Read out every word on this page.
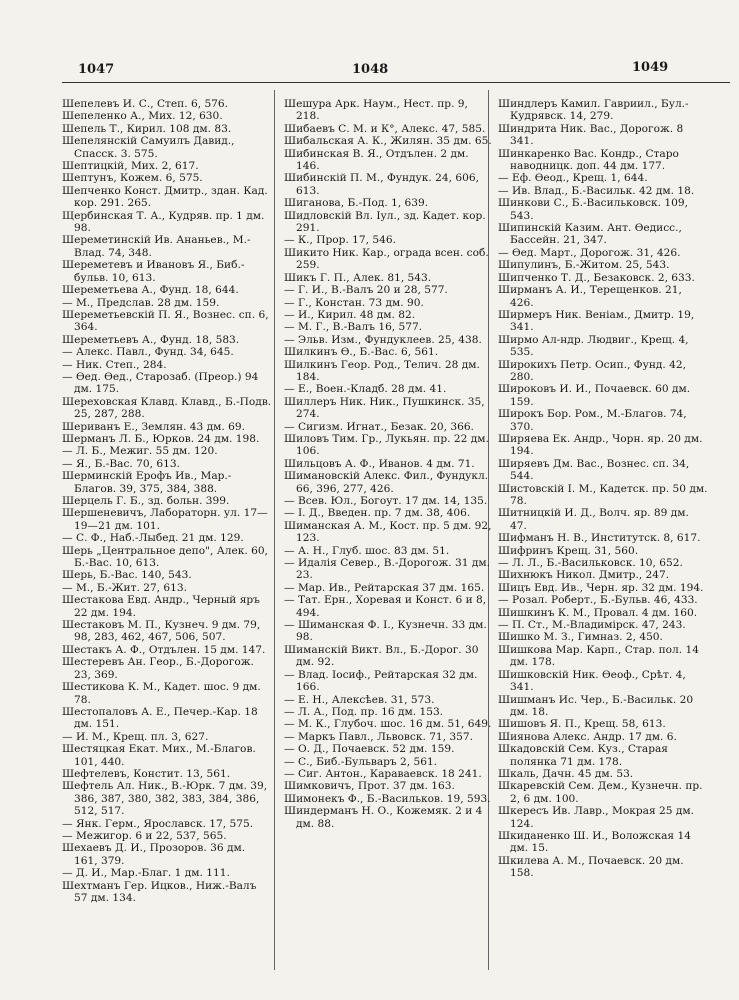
1047	1048	1049
Шепелевъ И. С., Степ. 6, 576.
Шепеленко А., Мих. 12, 630.
Шепель Т., Кирил. 108 дм. 83.
Шепелянскій Самуилъ Давид., Спасск. 3. 575.
Шептицкій, Мих. 2, 617.
Шептунъ, Кожем. 6, 575.
Шепченко Конст. Дмитр., здан. Кад. кор. 291. 265.
Щербинская Т. А., Кудряв. пр. 1 дм. 98.
Шереметинскій Ив. Ананьев., М.-Влад. 74, 348.
Шереметевъ и Ивановъ Я., Биб.-бульв. 10, 613.
Шереметьева А., Фунд. 18, 644.
— М., Предслав. 28 дм. 159.
Шереметьевскій П. Я., Вознес. сп. 6, 364.
Шереметьевъ А., Фунд. 18, 583.
— Алекс. Павл., Фунд. 34, 645.
— Ник. Степ., 284.
— Ѳед. Ѳед., Старозаб. (Преор.) 94 дм. 175.
Шереховская Клавд. Клавд., Б.-Подв. 25, 287, 288.
Шериванъ Е., Землян. 43 дм. 69.
Шерманъ Л. Б., Юрков. 24 дм. 198.
— Л. Б., Межиг. 55 дм. 120.
— Я., Б.-Вас. 70, 613.
Шерминскій Ерофъ Ив., Мар.-Благов. 39, 375, 384, 388.
Шерцель Г. Б., зд. больн. 399.
Шершеневичъ, Лабораторн. ул. 17—19—21 дм. 101.
— С. Ф., Наб.-Лыбед. 21 дм. 129.
Шерь „Центральное депо", Алек. 60, Б.-Вас. 10, 613.
Шерь, Б.-Вас. 140, 543.
— М., Б.-Жит. 27, 613.
Шестакова Евд. Андр., Черный яръ 22 дм. 194.
Шестаковъ М. П., Кузнеч. 9 дм. 79, 98, 283, 462, 467, 506, 507.
Шестакъ А. Ф., Отдълен. 15 дм. 147.
Шестеревъ Ан. Геор., Б.-Дорогож. 23, 369.
Шестикова К. М., Кадет. шос. 9 дм. 78.
Шестопаловъ А. Е., Печер.-Кар. 18 дм. 151.
— И. М., Крещ. пл. 3, 627.
Шестяцкая Екат. Мих., М.-Благов. 101, 440.
Шефтелевъ, Констит. 13, 561.
Шефтель Ал. Ник., В.-Юрк. 7 дм. 39, 386, 387, 380, 382, 383, 384, 386, 512, 517.
— Янк. Герм., Ярославск. 17, 575.
— Межигор. 6 и 22, 537, 565.
Шехаевъ Д. И., Прозоров. 36 дм. 161, 379.
— Д. И., Мар.-Благ. 1 дм. 111.
Шехтманъ Гер. Ицков., Ниж.-Валъ 57 дм. 134.
Шешура Арк. Наум., Нест. пр. 9, 218.
Шибаевъ С. М. и К°, Алекс. 47, 585.
Шибальская А. К., Жилян. 35 дм. 65.
Шибинская В. Я., Отдълен. 2 дм. 146.
Шибинскій П. М., Фундук. 24, 606, 613.
Шиганова, Б.-Под. 1, 639.
Шидловскій Вл. Iул., зд. Кадет. кор. 291.
— К., Прор. 17, 546.
Шикито Ник. Кар., ограда всен. соб. 259.
Шикъ Г. П., Алек. 81, 543.
— Г. И., В.-Валъ 20 и 28, 577.
— Г., Констан. 73 дм. 90.
— И., Кирил. 48 дм. 82.
— М. Г., В.-Валъ 16, 577.
— Эльв. Изм., Фундуклеев. 25, 438.
Шилкинъ Ѳ., Б.-Вас. 6, 561.
Шилкинъ Геор. Род., Телич. 28 дм. 184.
— Е., Воен.-Кладб. 28 дм. 41.
Шиллеръ Ник. Ник., Пушкинск. 35, 274.
— Сигизм. Игнат., Безак. 20, 366.
Шиловъ Тим. Гр., Лукьян. пр. 22 дм. 106.
Шильцовъ А. Ф., Иванов. 4 дм. 71.
Шимановскій Алекс. Фил., Фундукл. 66, 396, 277, 426.
— Всев. Юл., Богоут. 17 дм. 14, 135.
— I. Д., Введен. пр. 7 дм. 38, 406.
Шиманская А. М., Кост. пр. 5 дм. 92, 123.
— А. Н., Глуб. шос. 83 дм. 51.
— Идалія Север., В.-Дорогож. 31 дм. 23.
— Мар. Ив., Рейтарская 37 дм. 165.
— Тат. Ерн., Хоревая и Конст. 6 и 8, 494.
— Шиманская Ф. I., Кузнечн. 33 дм. 98.
Шиманскій Викт. Вл., Б.-Дорог. 30 дм. 92.
— Влад. Iосиф., Рейтарская 32 дм. 166.
— Е. Н., Алексѣев. 31, 573.
— Л. А., Под. пр. 16 дм. 153.
— М. К., Глубоч. шос. 16 дм. 51, 649.
— Маркъ Павл., Львовск. 71, 357.
— О. Д., Почаевск. 52 дм. 159.
— С., Биб.-Бульваръ 2, 561.
— Сиг. Антон., Караваевск. 18 241.
Шимковичъ, Прот. 37 дм. 163.
Шимонекъ Ф., Б.-Васильков. 19, 593.
Шиндерманъ Н. О., Кожемяк. 2 и 4 дм. 88.
Шиндлеръ Камил. Гавриил., Бул.-Кудрявск. 14, 279.
Шиндрита Ник. Вас., Дорогож. 8 341.
Шинкаренко Вас. Кондр., Старо наводницк. доп. 44 дм. 177.
— Еф. Ѳеод., Крещ. 1, 644.
— Ив. Влад., Б.-Васильк. 42 дм. 18.
Шинкови С., Б.-Васильковск. 109, 543.
Шипинскій Казим. Ант. Ѳедисс., Бассейн. 21, 347.
— Ѳед. Март., Дорогож. 31, 426.
Шипулинъ, Б.-Житом. 25, 543.
Шипченко Т. Д., Безаковск. 2, 633.
Ширманъ А. И., Терещенков. 21, 426.
Ширмеръ Ник. Веніам., Дмитр. 19, 341.
Ширмо Ал-ндр. Людвиг., Крещ. 4, 535.
Широкихъ Петр. Осип., Фунд. 42, 280.
Широковъ И. И., Почаевск. 60 дм. 159.
Широкъ Бор. Ром., М.-Благов. 74, 370.
Ширяева Ек. Андр., Чорн. яр. 20 дм. 194.
Ширяевъ Дм. Вас., Вознес. сп. 34, 544.
Шистовскій I. М., Кадетск. пр. 50 дм. 78.
Шитницкій И. Д., Волч. яр. 89 дм. 47.
Шифманъ Н. В., Институтск. 8, 617.
Шифринъ Крещ. 31, 560.
— Л. Л., Б.-Васильковск. 10, 652.
Шихнюкъ Никол. Дмитр., 247.
Шицъ Евд. Ив., Черн. яр. 32 дм. 194.
— Розал. Роберт., Б.-Бульв. 46, 433.
Шишкинъ К. М., Провал. 4 дм. 160.
— П. Ст., М.-Владимірск. 47, 243.
Шишко М. З., Гимназ. 2, 450.
Шишкова Мар. Карп., Стар. пол. 14 дм. 178.
Шишковскій Ник. Ѳеоф., Срѣт. 4, 341.
Шишманъ Ис. Чер., Б.-Васильк. 20 дм. 18.
Шишовъ Я. П., Крещ. 58, 613.
Шиянова Алекс. Андр. 17 дм. 6.
Шкадовскій Сем. Куз., Старая полянка 71 дм. 178.
Шкаль, Дачн. 45 дм. 53.
Шкаревскій Сем. Дем., Кузнечн. пр. 2, 6 дм. 100.
Шкересъ Ив. Лавр., Мокрая 25 дм. 124.
Шкиданенко Ш. И., Воложская 14 дм. 15.
Шкилева А. М., Почаевск. 20 дм. 158.
